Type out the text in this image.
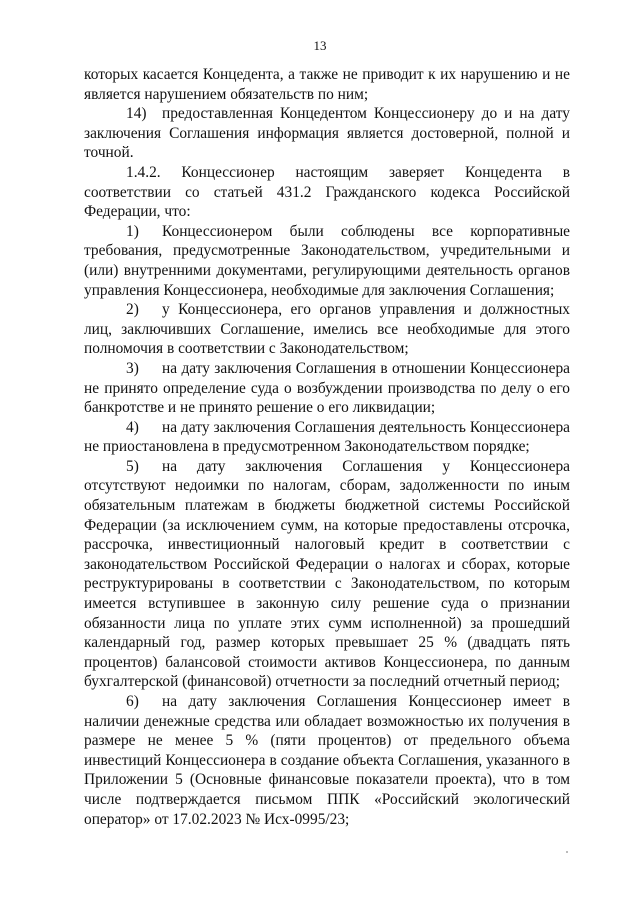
13

которых касается Концедента, а также не приводит к их нарушению и не является нарушением обязательств по ним;

14) предоставленная Концедентом Концессионеру до и на дату заключения Соглашения информация является достоверной, полной и точной.

1.4.2. Концессионер настоящим заверяет Концедента в соответствии со статьей 431.2 Гражданского кодекса Российской Федерации, что:

1) Концессионером были соблюдены все корпоративные требования, предусмотренные Законодательством, учредительными и (или) внутренними документами, регулирующими деятельность органов управления Концессионера, необходимые для заключения Соглашения;

2) у Концессионера, его органов управления и должностных лиц, заключивших Соглашение, имелись все необходимые для этого полномочия в соответствии с Законодательством;

3) на дату заключения Соглашения в отношении Концессионера не принято определение суда о возбуждении производства по делу о его банкротстве и не принято решение о его ликвидации;

4) на дату заключения Соглашения деятельность Концессионера не приостановлена в предусмотренном Законодательством порядке;

5) на дату заключения Соглашения у Концессионера отсутствуют недоимки по налогам, сборам, задолженности по иным обязательным платежам в бюджеты бюджетной системы Российской Федерации (за исключением сумм, на которые предоставлены отсрочка, рассрочка, инвестиционный налоговый кредит в соответствии с законодательством Российской Федерации о налогах и сборах, которые реструктурированы в соответствии с Законодательством, по которым имеется вступившее в законную силу решение суда о признании обязанности лица по уплате этих сумм исполненной) за прошедший календарный год, размер которых превышает 25 % (двадцать пять процентов) балансовой стоимости активов Концессионера, по данным бухгалтерской (финансовой) отчетности за последний отчетный период;

6) на дату заключения Соглашения Концессионер имеет в наличии денежные средства или обладает возможностью их получения в размере не менее 5 % (пяти процентов) от предельного объема инвестиций Концессионера в создание объекта Соглашения, указанного в Приложении 5 (Основные финансовые показатели проекта), что в том числе подтверждается письмом ППК «Российский экологический оператор» от 17.02.2023 № Исх-0995/23;
